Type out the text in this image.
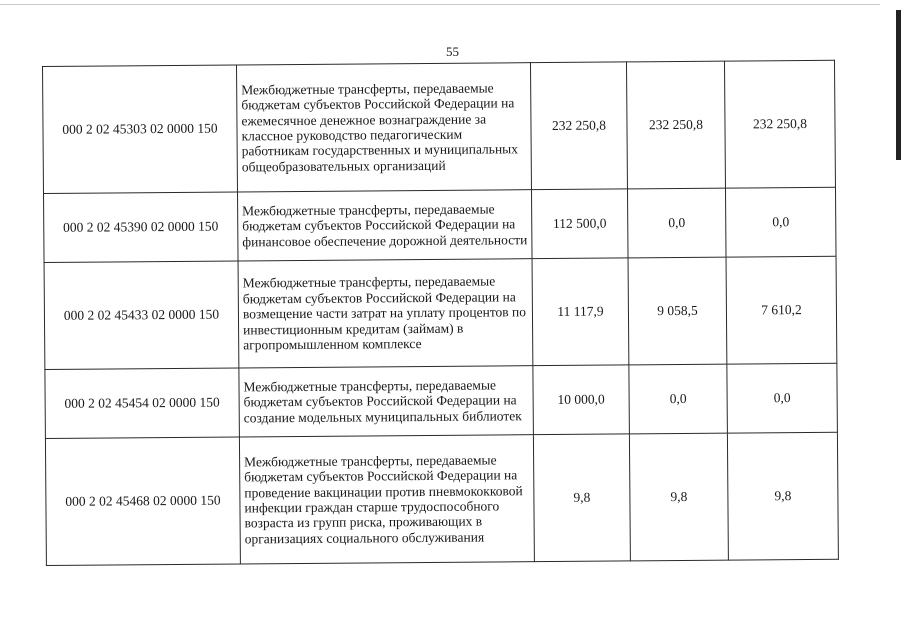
55
000 2 02 45303 02 0000 150	Межбюджетные трансферты, передаваемые бюджетам субъектов Российской Федерации на ежемесячное денежное вознаграждение за классное руководство педагогическим работникам государственных и муниципальных общеобразовательных организаций	232 250,8	232 250,8	232 250,8
000 2 02 45390 02 0000 150	Межбюджетные трансферты, передаваемые бюджетам субъектов Российской Федерации на финансовое обеспечение дорожной деятельности	112 500,0	0,0	0,0
000 2 02 45433 02 0000 150	Межбюджетные трансферты, передаваемые бюджетам субъектов Российской Федерации на возмещение части затрат на уплату процентов по инвестиционным кредитам (займам) в агропромышленном комплексе	11 117,9	9 058,5	7 610,2
000 2 02 45454 02 0000 150	Межбюджетные трансферты, передаваемые бюджетам субъектов Российской Федерации на создание модельных муниципальных библиотек	10 000,0	0,0	0,0
000 2 02 45468 02 0000 150	Межбюджетные трансферты, передаваемые бюджетам субъектов Российской Федерации на проведение вакцинации против пневмококковой инфекции граждан старше трудоспособного возраста из групп риска, проживающих в организациях социального обслуживания	9,8	9,8	9,8
